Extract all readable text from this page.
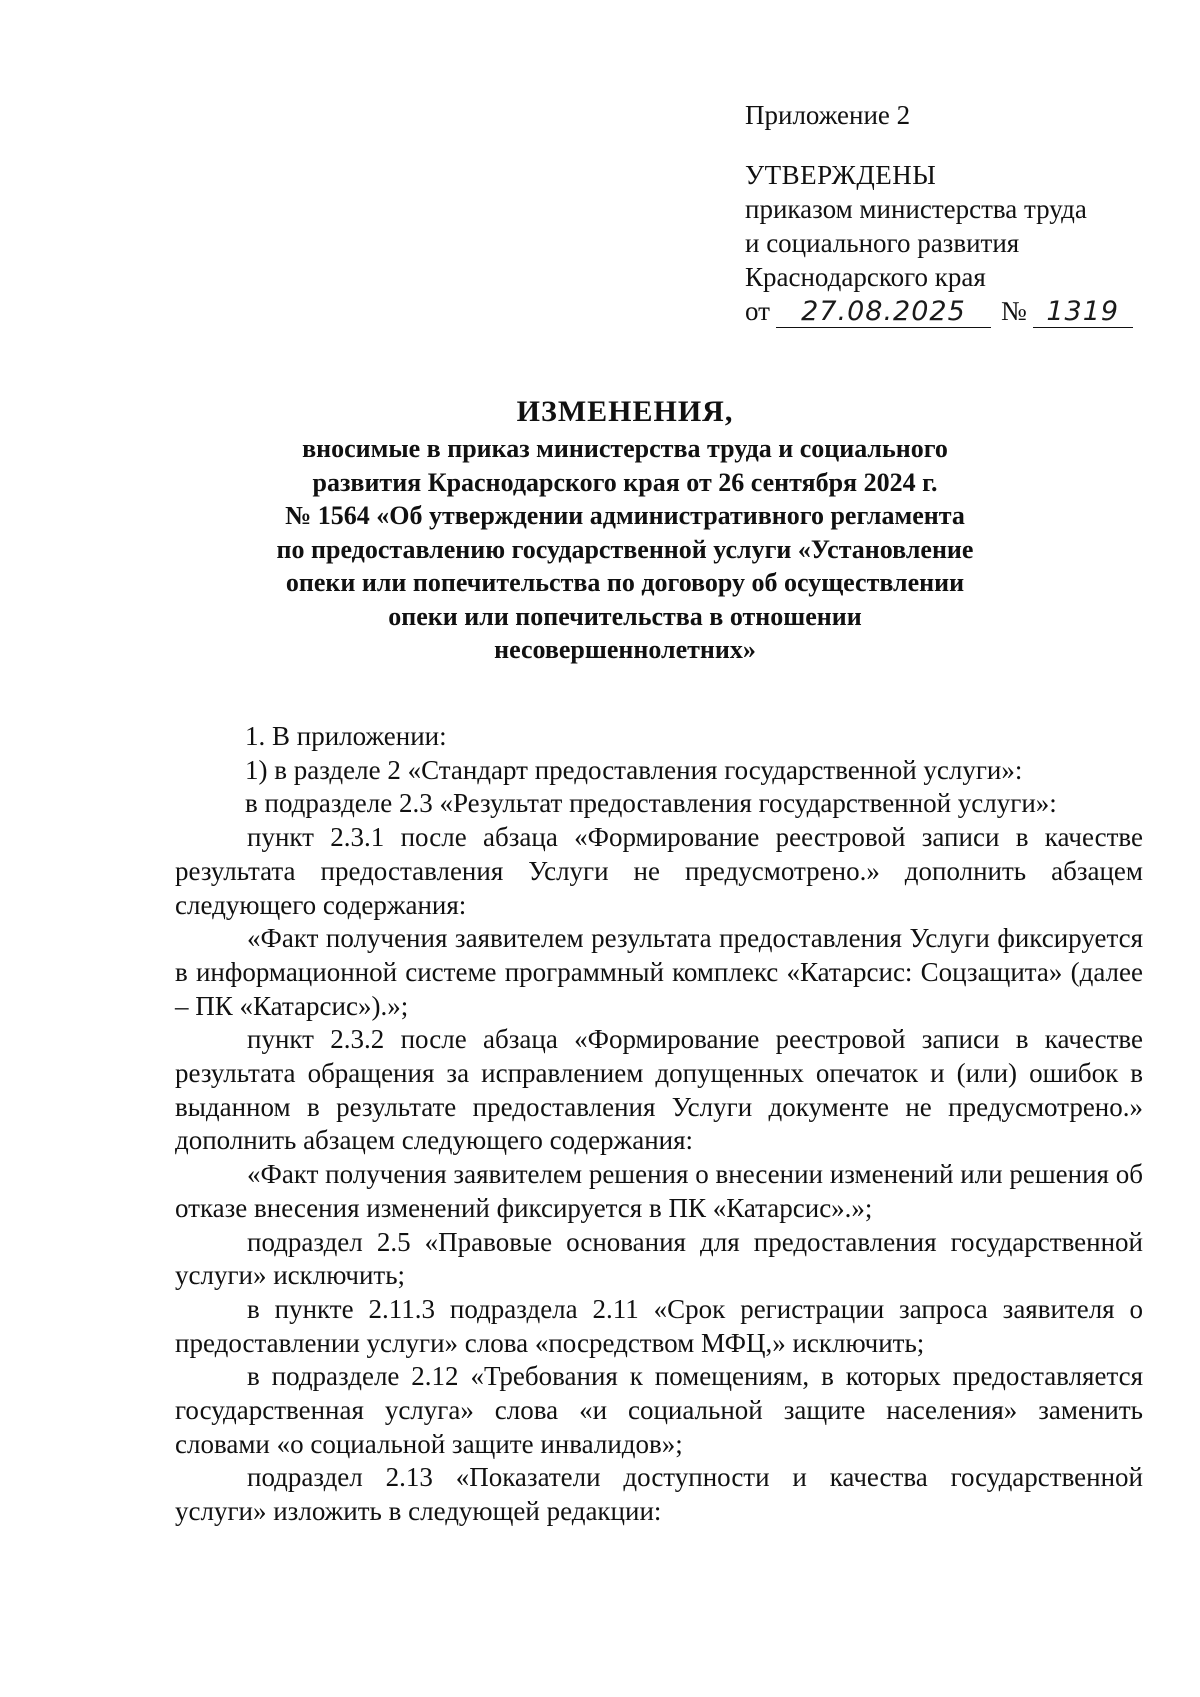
Приложение 2
УТВЕРЖДЕНЫ
приказом министерства труда
и социального развития
Краснодарского края
от 27.08.2025 № 1319
ИЗМЕНЕНИЯ,
вносимые в приказ министерства труда и социального
развития Краснодарского края от 26 сентября 2024 г.
№ 1564 «Об утверждении административного регламента
по предоставлению государственной услуги «Установление
опеки или попечительства по договору об осуществлении
опеки или попечительства в отношении
несовершеннолетних»

1. В приложении:

1) в разделе 2 «Стандарт предоставления государственной услуги»:

в подразделе 2.3 «Результат предоставления государственной услуги»:

пункт 2.3.1 после абзаца «Формирование реестровой записи в качестве результата предоставления Услуги не предусмотрено.» дополнить абзацем следующего содержания:

«Факт получения заявителем результата предоставления Услуги фиксируется в информационной системе программный комплекс «Катарсис: Соцзащита» (далее – ПК «Катарсис»).»;

пункт 2.3.2 после абзаца «Формирование реестровой записи в качестве результата обращения за исправлением допущенных опечаток и (или) ошибок в выданном в результате предоставления Услуги документе не предусмотрено.» дополнить абзацем следующего содержания:

«Факт получения заявителем решения о внесении изменений или решения об отказе внесения изменений фиксируется в ПК «Катарсис».»;

подраздел 2.5 «Правовые основания для предоставления государственной услуги» исключить;

в пункте 2.11.3 подраздела 2.11 «Срок регистрации запроса заявителя о предоставлении услуги» слова «посредством МФЦ,» исключить;

в подразделе 2.12 «Требования к помещениям, в которых предоставляется государственная услуга» слова «и социальной защите населения» заменить словами «о социальной защите инвалидов»;

подраздел 2.13 «Показатели доступности и качества государственной услуги» изложить в следующей редакции:
